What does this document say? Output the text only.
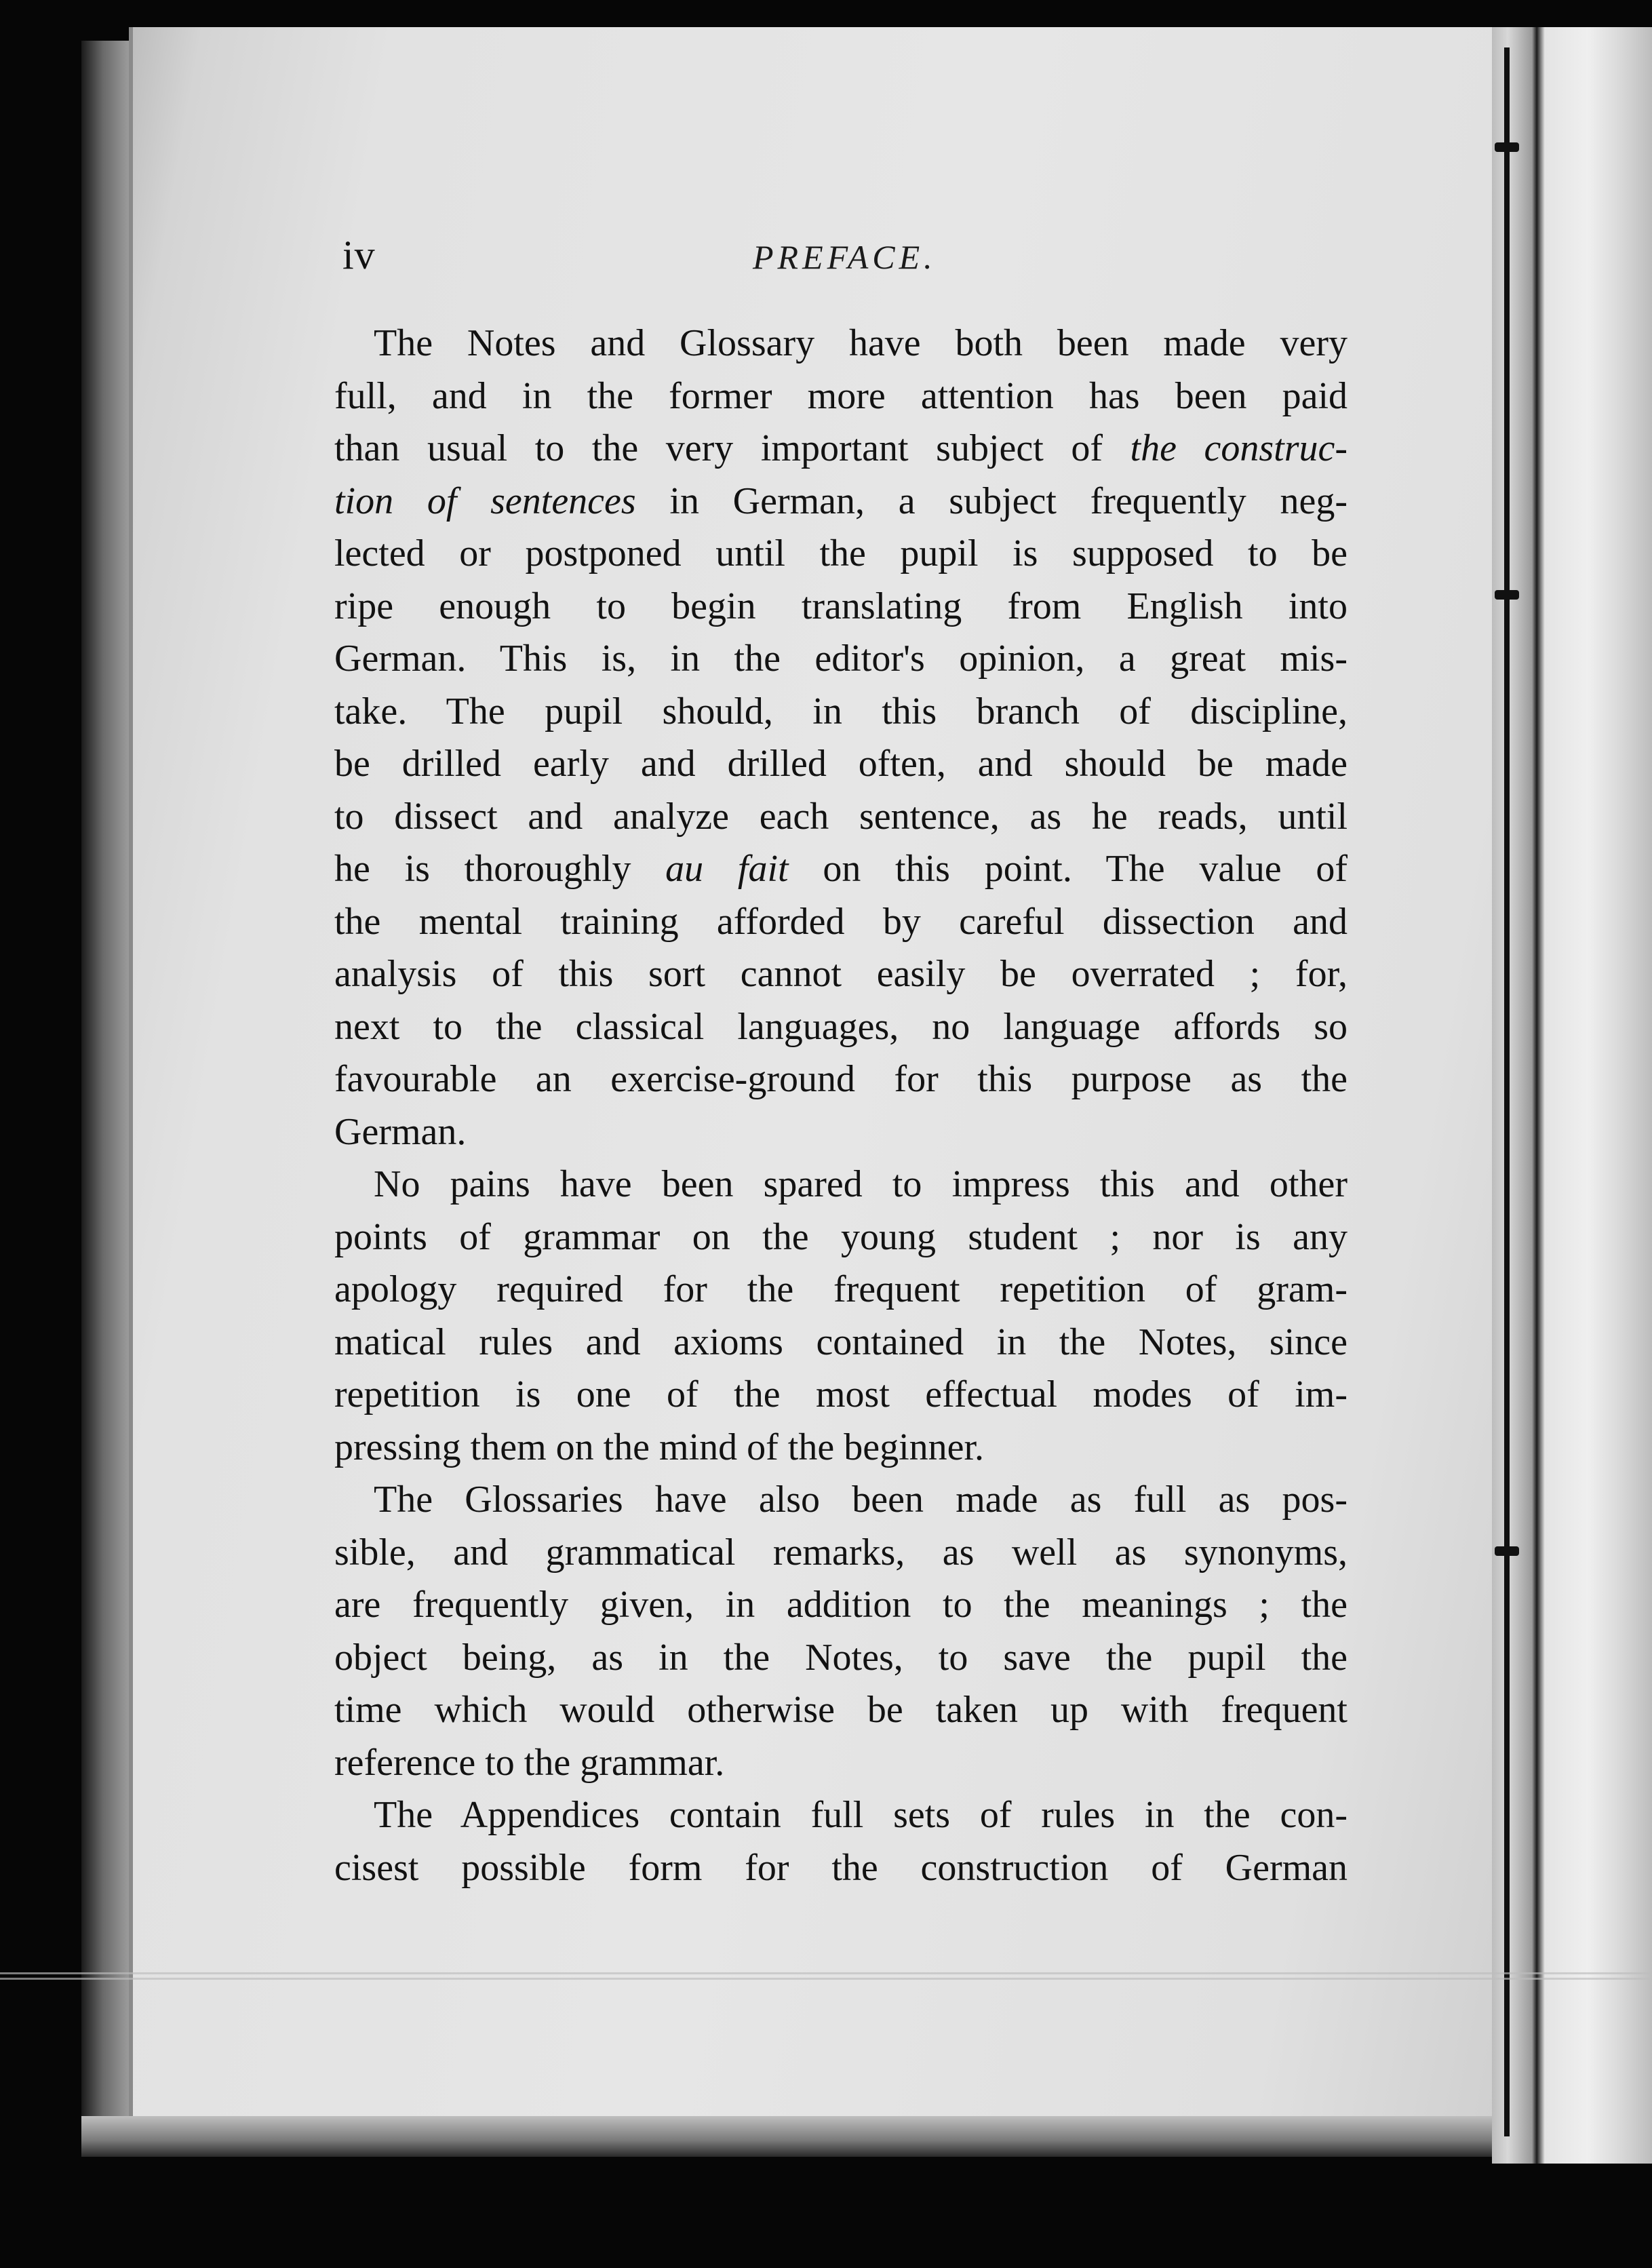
iv	PREFACE.
The Notes and Glossary have both been made very
full, and in the former more attention has been paid
than usual to the very important subject of the construc-
tion of sentences in German, a subject frequently neg-
lected or postponed until the pupil is supposed to be
ripe enough to begin translating from English into
German. This is, in the editor's opinion, a great mis-
take. The pupil should, in this branch of discipline,
be drilled early and drilled often, and should be made
to dissect and analyze each sentence, as he reads, until
he is thoroughly au fait on this point. The value of
the mental training afforded by careful dissection and
analysis of this sort cannot easily be overrated ; for,
next to the classical languages, no language affords so
favourable an exercise-ground for this purpose as the
German.
No pains have been spared to impress this and other
points of grammar on the young student ; nor is any
apology required for the frequent repetition of gram-
matical rules and axioms contained in the Notes, since
repetition is one of the most effectual modes of im-
pressing them on the mind of the beginner.
The Glossaries have also been made as full as pos-
sible, and grammatical remarks, as well as synonyms,
are frequently given, in addition to the meanings ; the
object being, as in the Notes, to save the pupil the
time which would otherwise be taken up with frequent
reference to the grammar.
The Appendices contain full sets of rules in the con-
cisest possible form for the construction of German
